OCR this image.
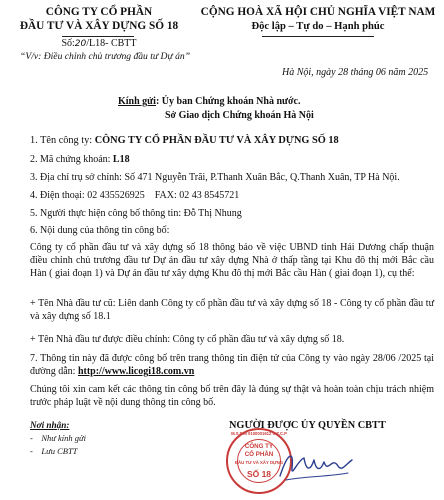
CÔNG TY CỔ PHẦN
ĐẦU TƯ VÀ XÂY DỰNG SỐ 18
Số:20/L18- CBTT
“V/v: Điều chỉnh chủ trương đầu tư Dự án”
CỘNG HOÀ XÃ HỘI CHỦ NGHĨA VIỆT NAM
Độc lập – Tự do – Hạnh phúc
Hà Nội, ngày 28 tháng 06 năm 2025
Kính gửi: Ủy ban Chứng khoán Nhà nước.
Sở Giao dịch Chứng khoán Hà Nội
1. Tên công ty: CÔNG TY CỔ PHẦN ĐẦU TƯ VÀ XÂY DỰNG SỐ 18
2. Mã chứng khoán: L18
3. Địa chỉ trụ sở chính: Số 471 Nguyễn Trãi, P.Thanh Xuân Bắc, Q.Thanh Xuân, TP Hà Nội.
4. Điện thoại: 02 435526925    FAX: 02 43 8545721
5. Người thực hiện công bố thông tin: Đỗ Thị Nhung
6. Nội dung của thông tin công bố:
Công ty cổ phần đầu tư và xây dựng số 18 thông báo về việc UBND tỉnh Hải Dương chấp thuận điều chỉnh chủ trương đầu tư Dự án đầu tư xây dựng Nhà ở thấp tầng tại Khu đô thị mới Bắc cầu Hàn ( giai đoạn 1) và Dự án đầu tư xây dựng Khu đô thị mới Bắc cầu Hàn ( giai đoạn 1), cụ thể:
+ Tên Nhà đầu tư cũ: Liên danh Công ty cổ phần đầu tư và xây dựng số 18 - Công ty cổ phần đầu tư và xây dựng số 18.1
+ Tên Nhà đầu tư được điều chỉnh: Công ty cổ phần đầu tư và xây dựng số 18.
7. Thông tin này đã được công bố trên trang thông tin điện tử của Công ty vào ngày 28/06 /2025 tại đường dẫn: http://www.licogi18.com.vn
Chúng tôi xin cam kết các thông tin công bố trên đây là đúng sự thật và hoàn toàn chịu trách nhiệm trước pháp luật về nội dung thông tin công bố.
Nơi nhận:
-    Như kính gửi
-    Lưu CBTT
NGƯỜI ĐƯỢC ỦY QUYỀN CBTT
M.S.D.N 0100001612 C.T.C.P
CÔNG TY
CỔ PHẦN
ĐẦU TƯ VÀ XÂY DỰNG
SỐ 18
